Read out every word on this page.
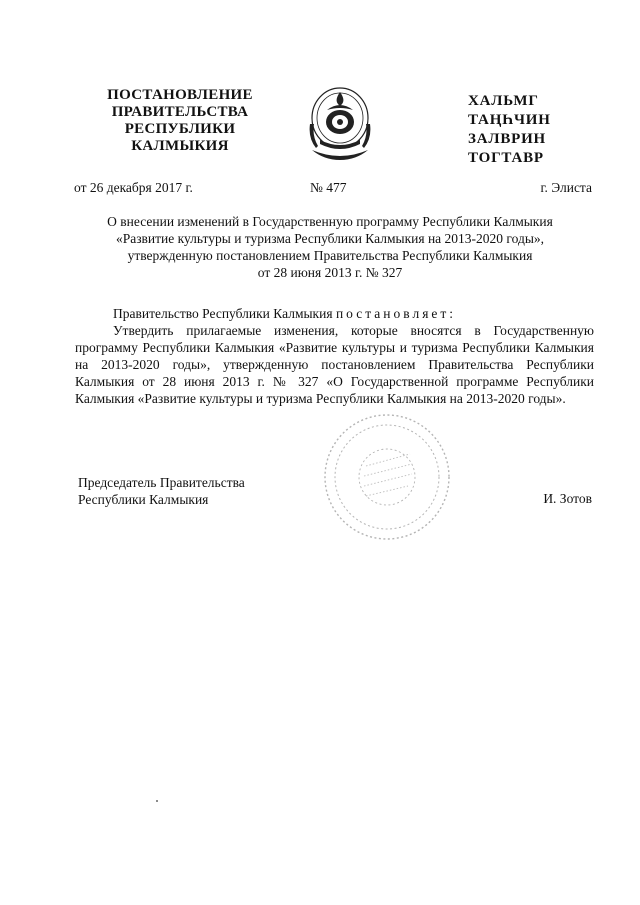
ПОСТАНОВЛЕНИЕ
ПРАВИТЕЛЬСТВА
РЕСПУБЛИКИ
КАЛМЫКИЯ
ХАЛЬМГ
ТАҢҺЧИН
ЗАЛВРИН
ТОГТАВР
от 26 декабря 2017 г.	№ 477	г. Элиста
О внесении изменений в Государственную программу Республики Калмыкия
«Развитие культуры и туризма Республики Калмыкия на 2013-2020 годы»,
утвержденную постановлением Правительства Республики Калмыкия
от 28 июня 2013 г. № 327
Правительство Республики Калмыкия постановляет:
Утвердить прилагаемые изменения, которые вносятся в Государственную программу Республики Калмыкия «Развитие культуры и туризма Республики Калмыкия на 2013-2020 годы», утвержденную постановлением Правительства Республики Калмыкия от 28 июня 2013 г. № 327 «О Государственной программе Республики Калмыкия «Развитие культуры и туризма Республики Калмыкия на 2013-2020 годы».
Председатель Правительства
Республики Калмыкия	И. Зотов
